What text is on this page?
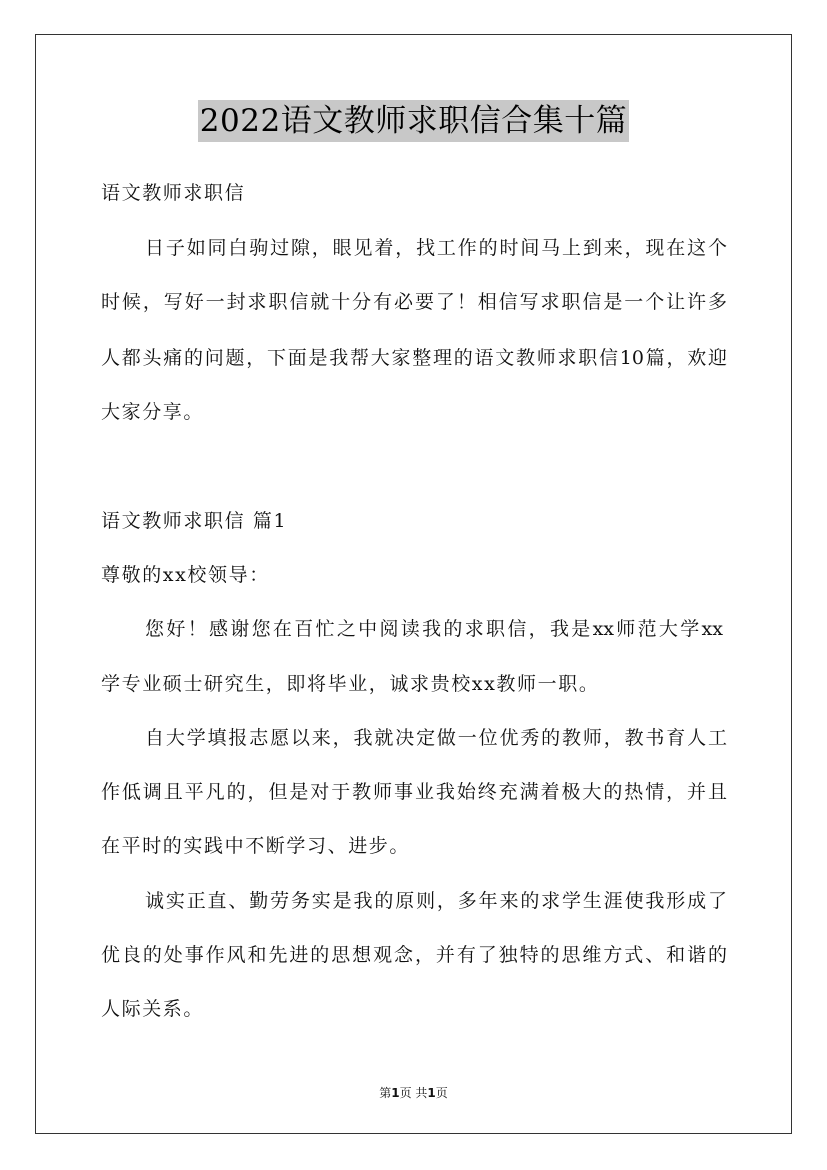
2022语文教师求职信合集十篇
语文教师求职信
日子如同白驹过隙，眼见着，找工作的时间马上到来，现在这个
时候，写好一封求职信就十分有必要了！相信写求职信是一个让许多
人都头痛的问题，下面是我帮大家整理的语文教师求职信10篇，欢迎
大家分享。
语文教师求职信 篇1
尊敬的xx校领导：
您好！感谢您在百忙之中阅读我的求职信，我是xx师范大学xx
学专业硕士研究生，即将毕业，诚求贵校xx教师一职。
自大学填报志愿以来，我就决定做一位优秀的教师，教书育人工
作低调且平凡的，但是对于教师事业我始终充满着极大的热情，并且
在平时的实践中不断学习、进步。
诚实正直、勤劳务实是我的原则，多年来的求学生涯使我形成了
优良的处事作风和先进的思想观念，并有了独特的思维方式、和谐的
人际关系。
第1页 共1页
